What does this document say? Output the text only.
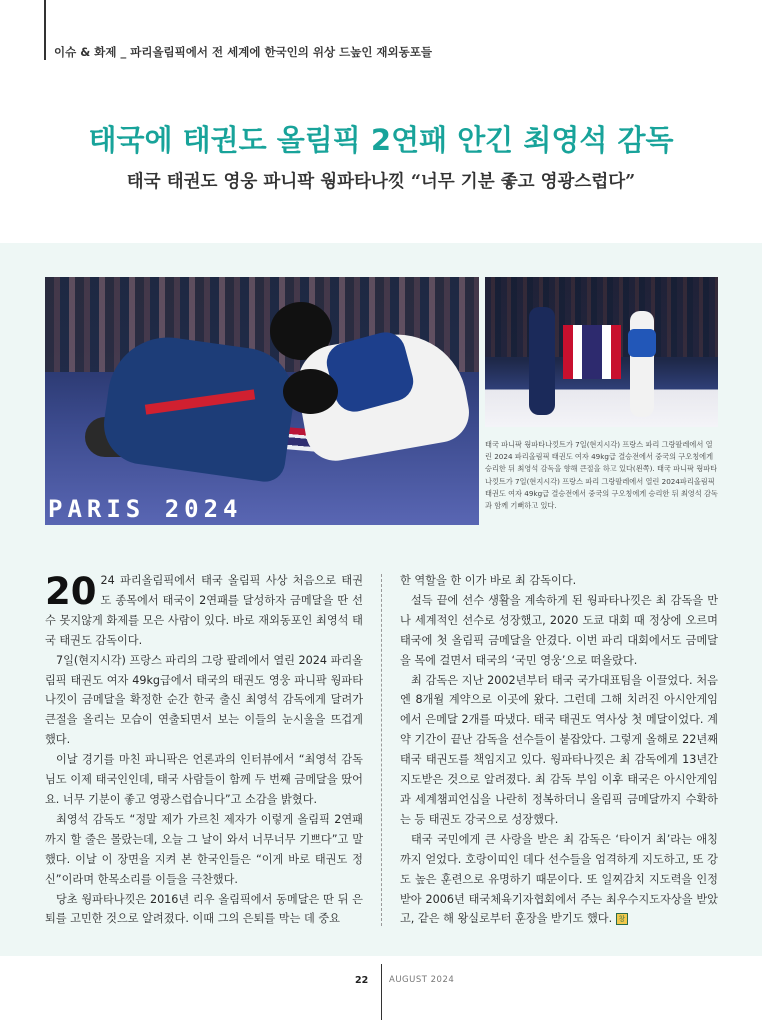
이슈 & 화제 _ 파리올림픽에서 전 세계에 한국인의 위상 드높인 재외동포들
태국에 태권도 올림픽 2연패 안긴 최영석 감독
태국 태권도 영웅 파니팍 웡파타나낏 “너무 기분 좋고 영광스럽다”
PARIS 2024

태국 파니팍 웡파타나낏트가 7일(현지시각) 프랑스 파리 그랑팔레에서 열린 2024 파리올림픽 태권도 여자 49kg급 결승전에서 중국의 구오칭에게 승리한 뒤 최영석 감독을 향해 큰절을 하고 있다(왼쪽). 태국 파니팍 웡파타나낏트가 7일(현지시각) 프랑스 파리 그랑팔레에서 열린 2024파리올림픽 태권도 여자 49kg급 결승전에서 중국의 구오칭에게 승리한 뒤 최영석 감독과 함께 기뻐하고 있다.

20 24 파리올림픽에서 태국 올림픽 사상 처음으로 태권도 종목에서 태국이 2연패를 달성하자 금메달을 딴 선수 못지않게 화제를 모은 사람이 있다. 바로 재외동포인 최영석 태국 태권도 감독이다.

7일(현지시각) 프랑스 파리의 그랑 팔레에서 열린 2024 파리올림픽 태권도 여자 49kg급에서 태국의 태권도 영웅 파니팍 웡파타나낏이 금메달을 확정한 순간 한국 출신 최영석 감독에게 달려가 큰절을 올리는 모습이 연출되면서 보는 이들의 눈시울을 뜨겁게 했다.

이날 경기를 마친 파니팍은 언론과의 인터뷰에서 “최영석 감독님도 이제 태국인인데, 태국 사람들이 함께 두 번째 금메달을 땄어요. 너무 기분이 좋고 영광스럽습니다”고 소감을 밝혔다.

최영석 감독도 “정말 제가 가르친 제자가 이렇게 올림픽 2연패까지 할 줄은 몰랐는데, 오늘 그 날이 와서 너무너무 기쁘다”고 말했다. 이날 이 장면을 지켜 본 한국인들은 “이게 바로 태권도 정신”이라며 한목소리를 이들을 극찬했다.

당초 웡파타나낏은 2016년 리우 올림픽에서 동메달은 딴 뒤 은퇴를 고민한 것으로 알려졌다. 이때 그의 은퇴를 막는 데 중요

한 역할을 한 이가 바로 최 감독이다.

설득 끝에 선수 생활을 계속하게 된 웡파타나낏은 최 감독을 만나 세계적인 선수로 성장했고, 2020 도쿄 대회 때 정상에 오르며 태국에 첫 올림픽 금메달을 안겼다. 이번 파리 대회에서도 금메달을 목에 걸면서 태국의 ‘국민 영웅’으로 떠올랐다.

최 감독은 지난 2002년부터 태국 국가대표팀을 이끌었다. 처음엔 8개월 계약으로 이곳에 왔다. 그런데 그해 치러진 아시안게임에서 은메달 2개를 따냈다. 태국 태권도 역사상 첫 메달이었다. 계약 기간이 끝난 감독을 선수들이 붙잡았다. 그렇게 올해로 22년째 태국 태권도를 책임지고 있다. 웡파타나낏은 최 감독에게 13년간 지도받은 것으로 알려졌다. 최 감독 부임 이후 태국은 아시안게임과 세계챔피언십을 나란히 정복하더니 올림픽 금메달까지 수확하는 등 태권도 강국으로 성장했다.

태국 국민에게 큰 사랑을 받은 최 감독은 ‘타이거 최’라는 애칭까지 얻었다. 호랑이띠인 데다 선수들을 엄격하게 지도하고, 또 강도 높은 훈련으로 유명하기 때문이다. 또 일찌감치 지도력을 인정받아 2006년 태국체육기자협회에서 주는 최우수지도자상을 받았고, 같은 해 왕실로부터 훈장을 받기도 했다. 창

22 AUGUST 2024
